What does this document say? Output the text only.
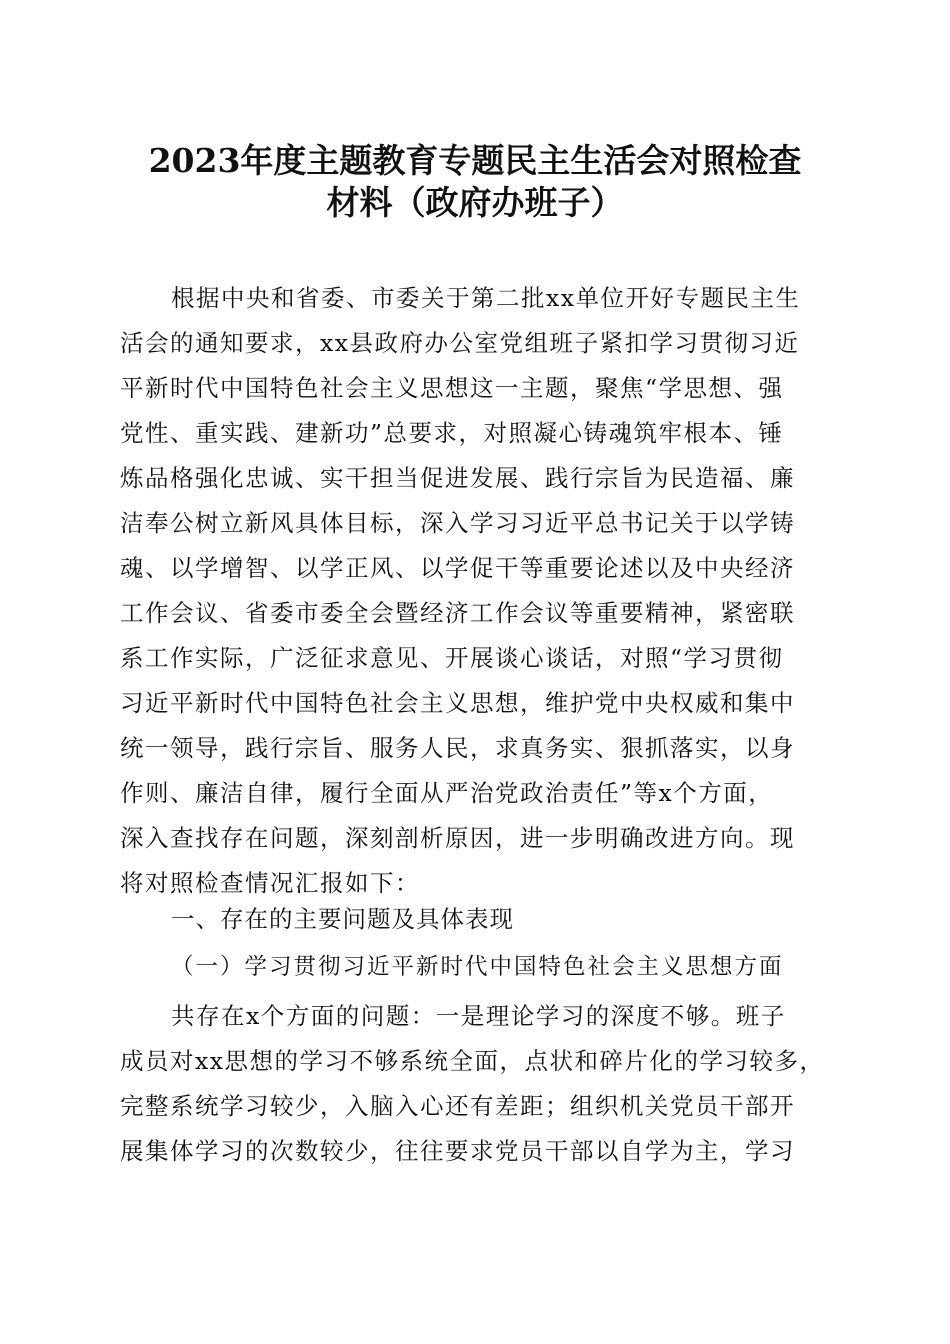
2023年度主题教育专题民主生活会对照检查
材料（政府办班子）
根据中央和省委、市委关于第二批xx单位开好专题民主生
活会的通知要求，xx县政府办公室党组班子紧扣学习贯彻习近
平新时代中国特色社会主义思想这一主题，聚焦“学思想、强
党性、重实践、建新功”总要求，对照凝心铸魂筑牢根本、锤
炼品格强化忠诚、实干担当促进发展、践行宗旨为民造福、廉
洁奉公树立新风具体目标，深入学习习近平总书记关于以学铸
魂、以学增智、以学正风、以学促干等重要论述以及中央经济
工作会议、省委市委全会暨经济工作会议等重要精神，紧密联
系工作实际，广泛征求意见、开展谈心谈话，对照“学习贯彻
习近平新时代中国特色社会主义思想，维护党中央权威和集中
统一领导，践行宗旨、服务人民，求真务实、狠抓落实，以身
作则、廉洁自律，履行全面从严治党政治责任”等x个方面，
深入查找存在问题，深刻剖析原因，进一步明确改进方向。现
将对照检查情况汇报如下：
一、存在的主要问题及具体表现
（一）学习贯彻习近平新时代中国特色社会主义思想方面
共存在x个方面的问题：一是理论学习的深度不够。班子
成员对xx思想的学习不够系统全面，点状和碎片化的学习较多，
完整系统学习较少，入脑入心还有差距；组织机关党员干部开
展集体学习的次数较少，往往要求党员干部以自学为主，学习
